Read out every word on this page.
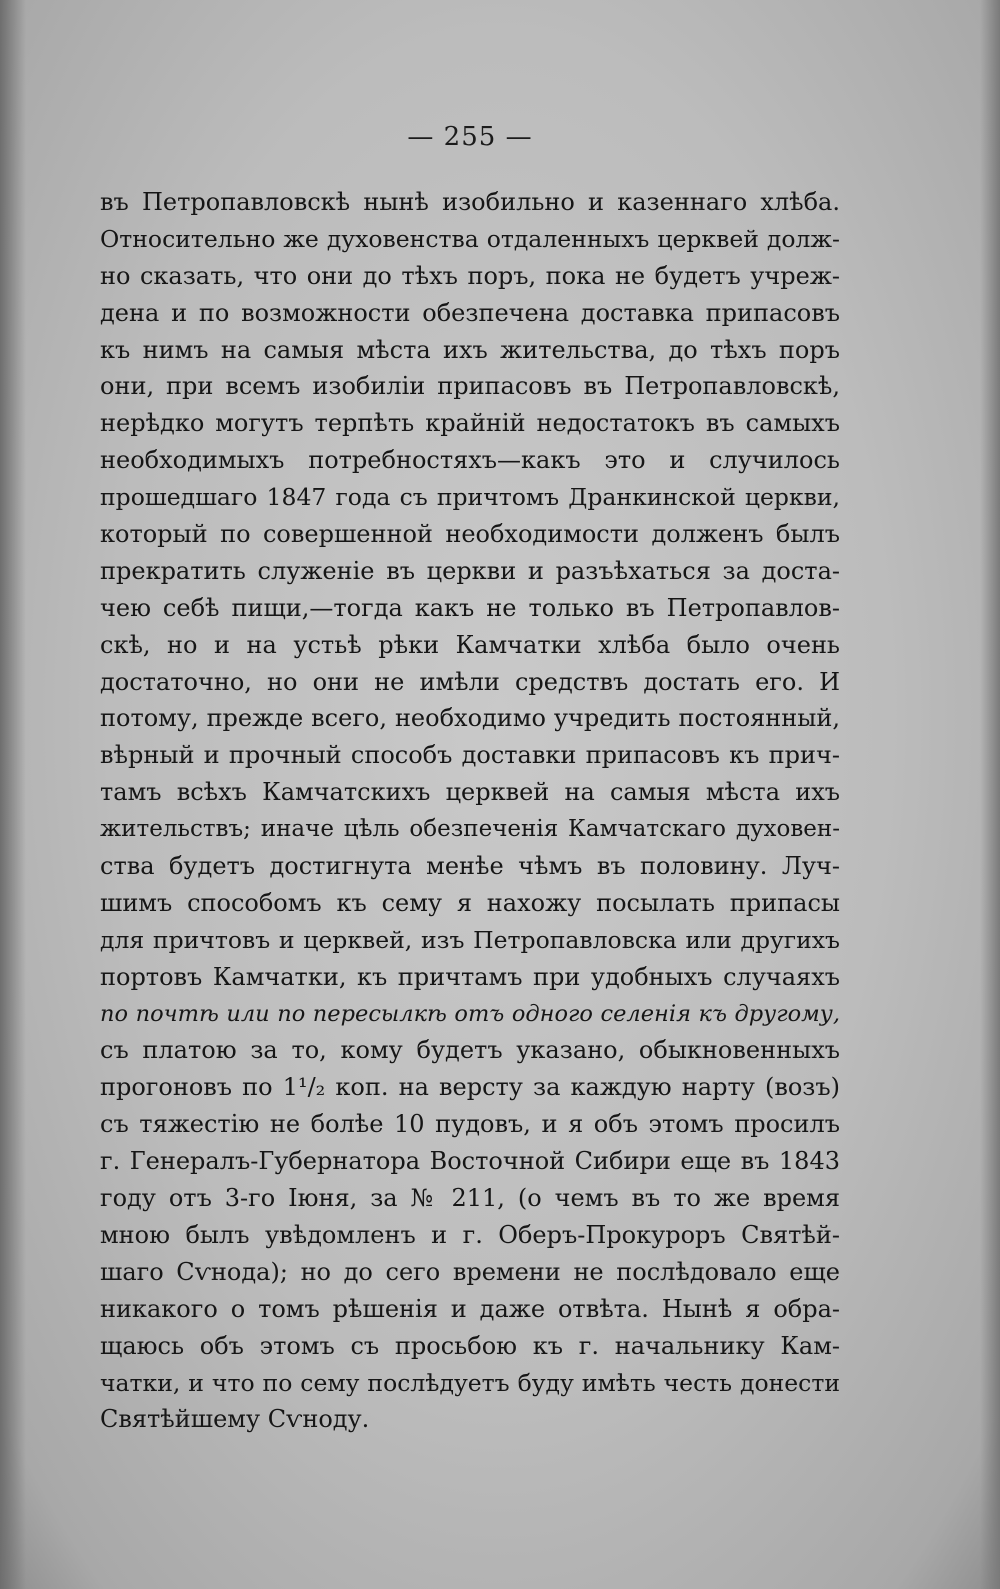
— 255 —
въ Петропавловскѣ нынѣ изобильно и казеннаго хлѣба.
Относительно же духовенства отдаленныхъ церквей долж-
но сказать, что они до тѣхъ поръ, пока не будетъ учреж-
дена и по возможности обезпечена доставка припасовъ
къ нимъ на самыя мѣста ихъ жительства, до тѣхъ поръ
они, при всемъ изобиліи припасовъ въ Петропавловскѣ,
нерѣдко могутъ терпѣть крайній недостатокъ въ самыхъ
необходимыхъ потребностяхъ—какъ это и случилось
прошедшаго 1847 года съ причтомъ Дранкинской церкви,
который по совершенной необходимости долженъ былъ
прекратить служеніе въ церкви и разъѣхаться за доста-
чею себѣ пищи,—тогда какъ не только въ Петропавлов-
скѣ, но и на устьѣ рѣки Камчатки хлѣба было очень
достаточно, но они не имѣли средствъ достать его. И
потому, прежде всего, необходимо учредить постоянный,
вѣрный и прочный способъ доставки припасовъ къ прич-
тамъ всѣхъ Камчатскихъ церквей на самыя мѣста ихъ
жительствъ; иначе цѣль обезпеченія Камчатскаго духовен-
ства будетъ достигнута менѣе чѣмъ въ половину. Луч-
шимъ способомъ къ сему я нахожу посылать припасы
для причтовъ и церквей, изъ Петропавловска или другихъ
портовъ Камчатки, къ причтамъ при удобныхъ случаяхъ
по почтѣ или по пересылкѣ отъ одного селенія къ другому,
съ платою за то, кому будетъ указано, обыкновенныхъ
прогоновъ по 1¹/₂ коп. на версту за каждую нарту (возъ)
съ тяжестію не болѣе 10 пудовъ, и я объ этомъ просилъ
г. Генералъ-Губернатора Восточной Сибири еще въ 1843
году отъ 3-го Іюня, за № 211, (о чемъ въ то же время
мною былъ увѣдомленъ и г. Оберъ-Прокуроръ Святѣй-
шаго Сѵнода); но до сего времени не послѣдовало еще
никакого о томъ рѣшенія и даже отвѣта. Нынѣ я обра-
щаюсь объ этомъ съ просьбою къ г. начальнику Кам-
чатки, и что по сему послѣдуетъ буду имѣть честь донести
Святѣйшему Сѵноду.
